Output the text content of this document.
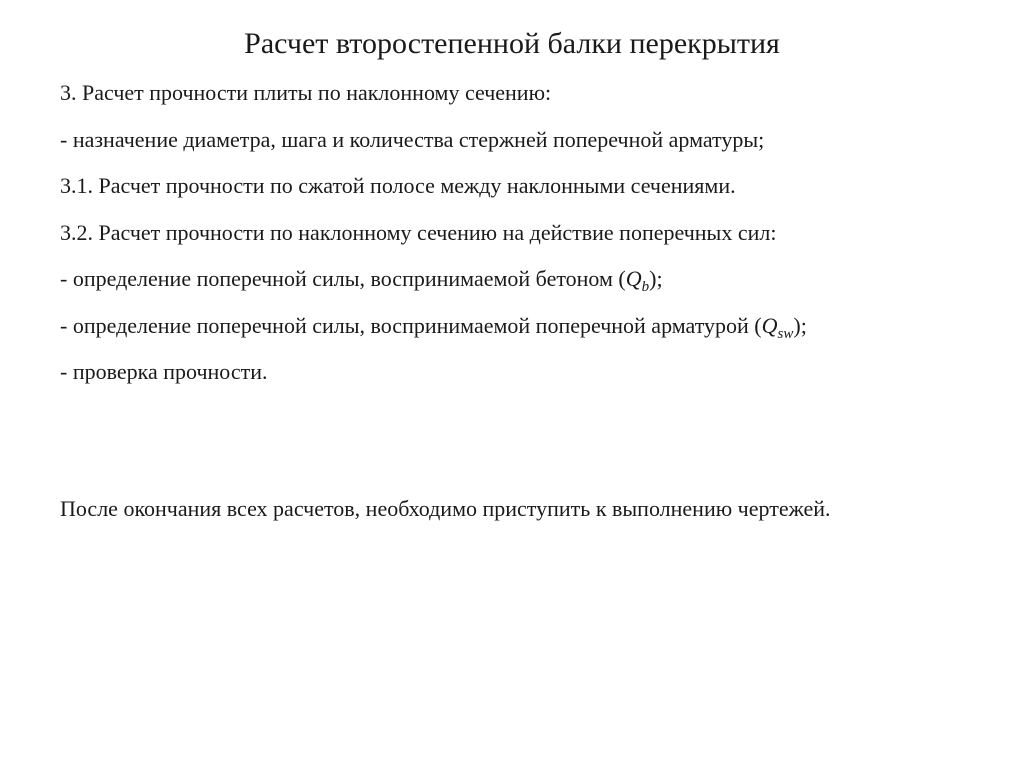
Расчет второстепенной балки перекрытия
3. Расчет прочности плиты по наклонному сечению:
- назначение диаметра, шага и количества стержней поперечной арматуры;
3.1. Расчет прочности по сжатой полосе между наклонными сечениями.
3.2. Расчет прочности по наклонному сечению на действие поперечных сил:
- определение поперечной силы, воспринимаемой бетоном $(Q_b)$;
- определение поперечной силы, воспринимаемой поперечной арматурой $(Q_{sw})$;
- проверка прочности.

После окончания всех расчетов, необходимо приступить к выполнению чертежей.
